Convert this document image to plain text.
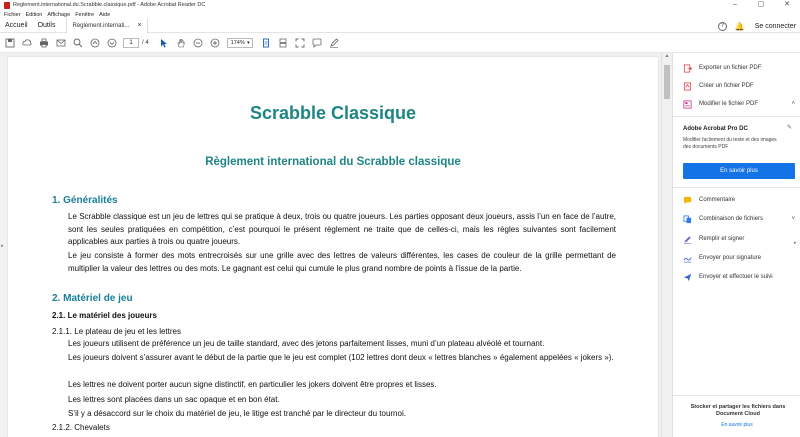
Reglement.international.du.Scrabble.classique.pdf - Adobe Acrobat Reader DC	–	▢	✕
Fichier Edition Affichage Fenêtre Aide
Accueil	Outils	Reglement.internati... ×	?	🔔 Se connecter
1	/ 4	174% ▾
▸
Scrabble Classique
Règlement international du Scrabble classique
1. Généralités
Le Scrabble classique est un jeu de lettres qui se pratique à deux, trois ou quatre joueurs. Les parties opposant deux joueurs, assis l’un en face de l’autre, sont les seules pratiquées en compétition, c’est pourquoi le présent règlement ne traite que de celles-ci, mais les règles suivantes sont facilement applicables aux parties à trois ou quatre joueurs.
Le jeu consiste à former des mots entrecroisés sur une grille avec des lettres de valeurs différentes, les cases de couleur de la grille permettant de multiplier la valeur des lettres ou des mots. Le gagnant est celui qui cumule le plus grand nombre de points à l’issue de la partie.
2. Matériel de jeu
2.1. Le matériel des joueurs
2.1.1. Le plateau de jeu et les lettres
Les joueurs utilisent de préférence un jeu de taille standard, avec des jetons parfaitement lisses, muni d’un plateau alvéolé et tournant.
Les joueurs doivent s’assurer avant le début de la partie que le jeu est complet (102 lettres dont deux « lettres blanches » également appelées « jokers »).
Les lettres ne doivent porter aucun signe distinctif, en particulier les jokers doivent être propres et lisses.
Les lettres sont placées dans un sac opaque et en bon état.
S’il y a désaccord sur le choix du matériel de jeu, le litige est tranché par le directeur du tournoi.
2.1.2. Chevalets
▲
Exporter un fichier PDF
Créer un fichier PDF
Modifier le fichier PDF	˄
Adobe Acrobat Pro DC	✎
Modifier facilement du texte et des images des documents PDF
En savoir plus
Commentaire
Combinaison de fichiers	˅
Remplir et signer
Envoyer pour signature
Envoyer et effectuer le suivi
Stocker et partager les fichiers dans Document Cloud
En savoir plus
▸
